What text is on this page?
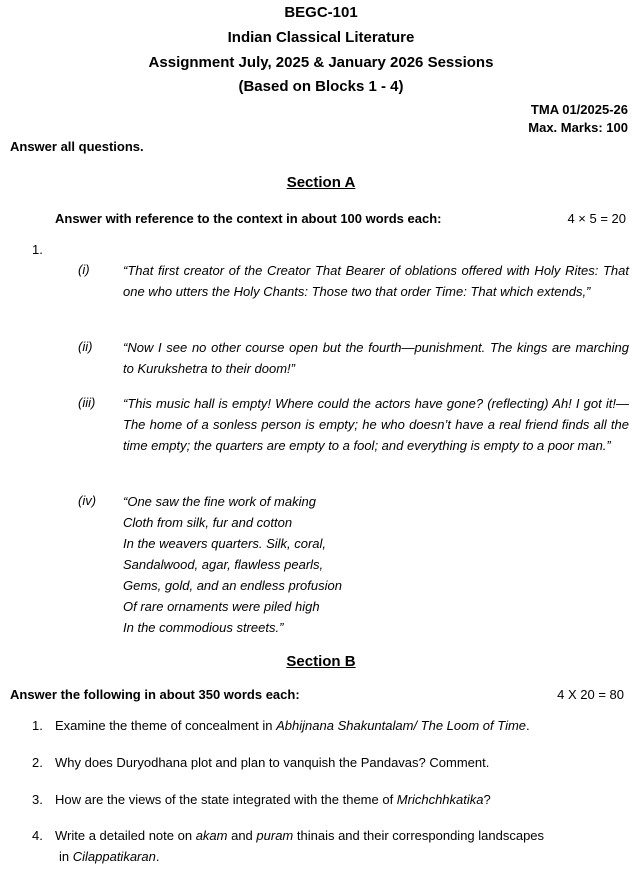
BEGC-101
Indian Classical Literature
Assignment July, 2025 & January 2026 Sessions
(Based on Blocks 1 - 4)
TMA 01/2025-26
Max. Marks: 100
Answer all questions.
Section A
Answer with reference to the context in about 100 words each:	4 × 5 = 20
1.
(i)	“That first creator of the Creator That Bearer of oblations offered with Holy Rites: That one who utters the Holy Chants: Those two that order Time: That which extends,”
(ii) “Now I see no other course open but the fourth—punishment. The kings are marching to Kurukshetra to their doom!”
(iii) “This music hall is empty! Where could the actors have gone? (reflecting) Ah! I got it!—The home of a sonless person is empty; he who doesn’t have a real friend finds all the time empty; the quarters are empty to a fool; and everything is empty to a poor man.”
(iv) “One saw the fine work of making
Cloth from silk, fur and cotton
In the weavers quarters. Silk, coral,
Sandalwood, agar, flawless pearls,
Gems, gold, and an endless profusion
Of rare ornaments were piled high
In the commodious streets.”
Section B
Answer the following in about 350 words each:	4 X 20 = 80
1. Examine the theme of concealment in Abhijnana Shakuntalam/ The Loom of Time.
2. Why does Duryodhana plot and plan to vanquish the Pandavas? Comment.
3. How are the views of the state integrated with the theme of Mrichchhkatika?
4. Write a detailed note on akam and puram thinais and their corresponding landscapes
in Cilappatikaran.
